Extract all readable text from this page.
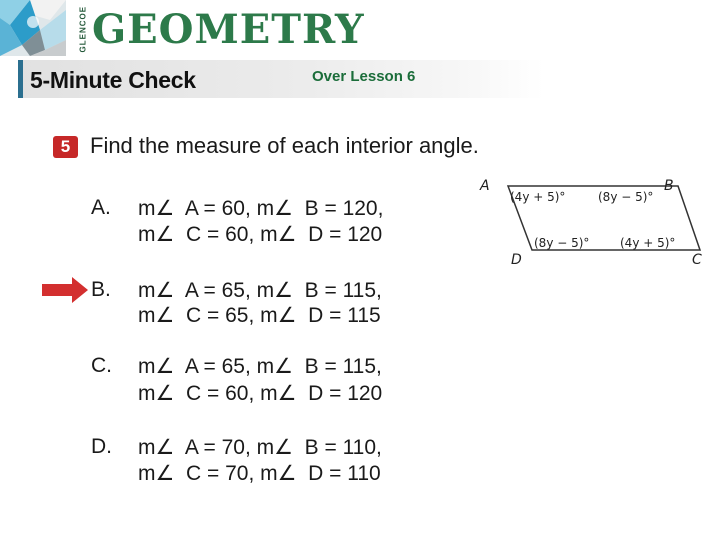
GLENCOE GEOMETRY
5-Minute Check	Over Lesson 6
5 Find the measure of each interior angle.
A. m∠  A = 60, m∠  B = 120,
m∠  C = 60, m∠  D = 120
B. m∠  A = 65, m∠  B = 115,
m∠  C = 65, m∠  D = 115
C. m∠  A = 65, m∠  B = 115,
m∠  C = 60, m∠  D = 120
D. m∠  A = 70, m∠  B = 110,
m∠  C = 70, m∠  D = 110
A	B
C
D
(4y + 5)°	(8y − 5)°
(8y − 5)°	(4y + 5)°
